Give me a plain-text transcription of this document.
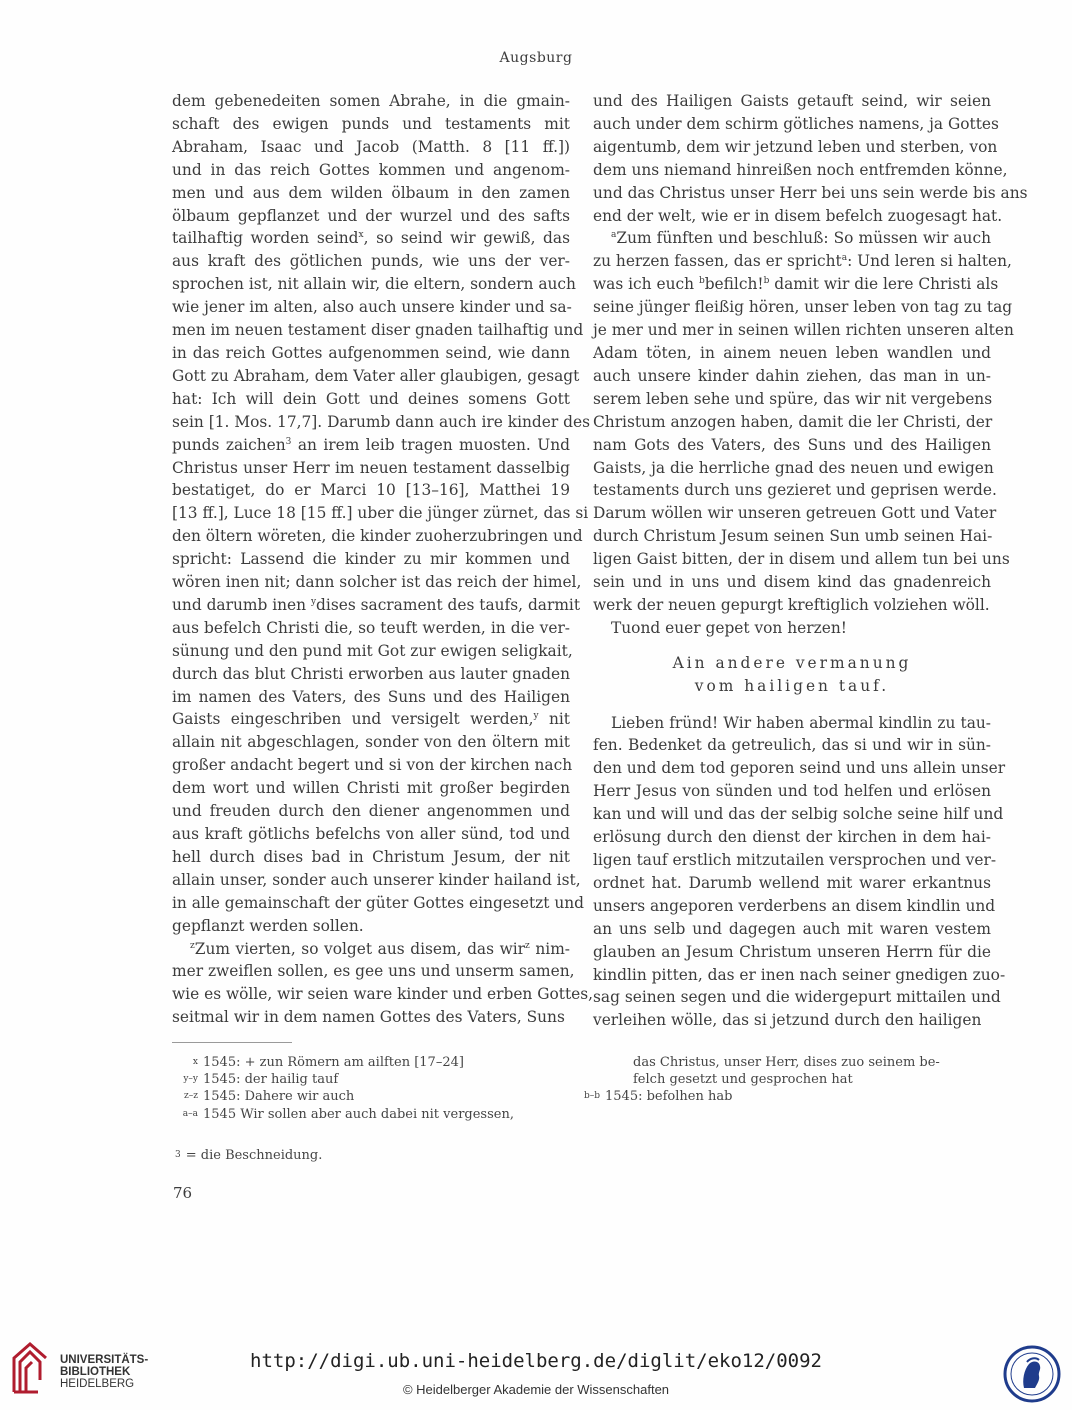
Augsburg
dem gebenedeiten somen Abrahe, in die gmain-
schaft des ewigen punds und testaments mit
Abraham, Isaac und Jacob (Matth. 8 [11 ff.])
und in das reich Gottes kommen und angenom-
men und aus dem wilden ölbaum in den zamen
ölbaum gepflanzet und der wurzel und des safts
tailhaftig worden seind$^x$, so seind wir gewiß, das
aus kraft des götlichen punds, wie uns der ver-
sprochen ist, nit allain wir, die eltern, sondern auch
wie jener im alten, also auch unsere kinder und sa-
men im neuen testament diser gnaden tailhaftig und
in das reich Gottes aufgenommen seind, wie dann
Gott zu Abraham, dem Vater aller glaubigen, gesagt
hat: Ich will dein Gott und deines somens Gott
sein [1. Mos. 17,7]. Darumb dann auch ire kinder des
punds zaichen$^3$ an irem leib tragen muosten. Und
Christus unser Herr im neuen testament dasselbig
bestatiget, do er Marci 10 [13–16], Matthei 19
[13 ff.], Luce 18 [15 ff.] uber die jünger zürnet, das si
den öltern wöreten, die kinder zuoherzubringen und
spricht: Lassend die kinder zu mir kommen und
wören inen nit; dann solcher ist das reich der himel,
und darumb inen $^y$dises sacrament des taufs, darmit
aus befelch Christi die, so teuft werden, in die ver-
sünung und den pund mit Got zur ewigen seligkait,
durch das blut Christi erworben aus lauter gnaden
im namen des Vaters, des Suns und des Hailigen
Gaists eingeschriben und versigelt werden,$^y$ nit
allain nit abgeschlagen, sonder von den öltern mit
großer andacht begert und si von der kirchen nach
dem wort und willen Christi mit großer begirden
und freuden durch den diener angenommen und
aus kraft götlichs befelchs von aller sünd, tod und
hell durch dises bad in Christum Jesum, der nit
allain unser, sonder auch unserer kinder hailand ist,
in alle gemainschaft der güter Gottes eingesetzt und
gepflanzt werden sollen.
$^z$Zum vierten, so volget aus disem, das wir$^z$ nim-
mer zweiflen sollen, es gee uns und unserm samen,
wie es wölle, wir seien ware kinder und erben Gottes,
seitmal wir in dem namen Gottes des Vaters, Suns
und des Hailigen Gaists getauft seind, wir seien
auch under dem schirm götliches namens, ja Gottes
aigentumb, dem wir jetzund leben und sterben, von
dem uns niemand hinreißen noch entfremden könne,
und das Christus unser Herr bei uns sein werde bis ans
end der welt, wie er in disem befelch zuogesagt hat.
$^a$Zum fünften und beschluß: So müssen wir auch
zu herzen fassen, das er spricht$^a$: Und leren si halten,
was ich euch $^b$befilch!$^b$ damit wir die lere Christi als
seine jünger fleißig hören, unser leben von tag zu tag
je mer und mer in seinen willen richten unseren alten
Adam töten, in ainem neuen leben wandlen und
auch unsere kinder dahin ziehen, das man in un-
serem leben sehe und spüre, das wir nit vergebens
Christum anzogen haben, damit die ler Christi, der
nam Gots des Vaters, des Suns und des Hailigen
Gaists, ja die herrliche gnad des neuen und ewigen
testaments durch uns gezieret und geprisen werde.
Darum wöllen wir unseren getreuen Gott und Vater
durch Christum Jesum seinen Sun umb seinen Hai-
ligen Gaist bitten, der in disem und allem tun bei uns
sein und in uns und disem kind das gnadenreich
werk der neuen gepurgt kreftiglich volziehen wöll.
Tuond euer gepet von herzen!
Ain andere vermanung
vom hailigen tauf.
Lieben fründ! Wir haben abermal kindlin zu tau-
fen. Bedenket da getreulich, das si und wir in sün-
den und dem tod geporen seind und uns allein unser
Herr Jesus von sünden und tod helfen und erlösen
kan und will und das der selbig solche seine hilf und
erlösung durch den dienst der kirchen in dem hai-
ligen tauf erstlich mitzutailen versprochen und ver-
ordnet hat. Darumb wellend mit warer erkantnus
unsers angeporen verderbens an disem kindlin und
an uns selb und dagegen auch mit waren vestem
glauben an Jesum Christum unseren Herrn für die
kindlin pitten, das er inen nach seiner gnedigen zuo-
sag seinen segen und die widergepurt mittailen und
verleihen wölle, das si jetzund durch den hailigen
x 1545: + zun Römern am ailften [17–24]
y–y 1545: der hailig tauf
z–z 1545: Dahere wir auch
a–a 1545 Wir sollen aber auch dabei nit vergessen,
das Christus, unser Herr, dises zuo seinem be-
felch gesetzt und gesprochen hat
b–b 1545: befolhen hab
3 = die Beschneidung.
76
UNIVERSITÄTS-
BIBLIOTHEK
HEIDELBERG
http://digi.ub.uni-heidelberg.de/diglit/eko12/0092
© Heidelberger Akademie der Wissenschaften
